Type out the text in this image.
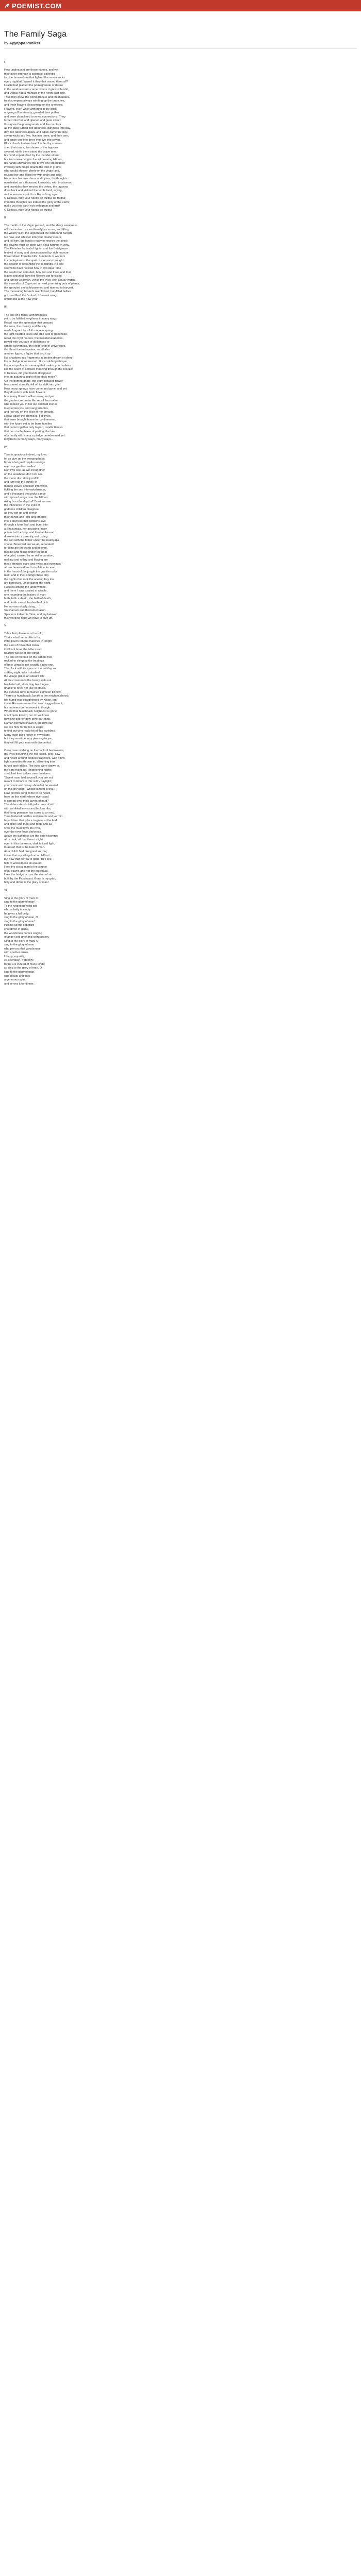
POEMIST.COM
The Family Saga
by Ayyappa Paniker
I
How unpleasant are those names, and yet
their bitter strength is splendid, splendid
too the human love that lighted the seven wicks
every nightfall. Wasn't it they that reared them all?
Leachi had planted the pomegranate of desire
in the south-eastern corner where it grew splendid,
and Uppali had a mantara in the north-east side.
Thus they grew, the pomegranate and the mantara,
fresh creepers always winding up the branches,
and fresh flowers blossoming on the creepers.
Flowers, even while withering in the dusk
or going off to eternity, guarded their pollen,
and were disinclined to sever connections. They
turned into fruit and ripened and grew sweet:
thus grew the pomegranate and the mantara
as the dusk turned into darkness, darkness into day,
day into darkness again, and again came the day:
seven wicks into five, five into three, and then one,
and again one into three into five into seven.
Black clouds fostered and fondled by summer
shed their tears, the shores of the lagoons
swayed, while there stood the brave one,
his mind unperturbed by the thunder-storm,
his feet unswerving in the wild roaring billows,
his hands unwearied; the brave one stood there
invoking with magic chants the lord of grains,
who would shower plenty on the virgin land,
rousing her and filling her with grain and gold.
His orders became dams and dykes, his thoughts
manifested as a thousand furrowlets, with brushwood
and brambles they erected the dykes, the lagoons
drew back and yielded the fertile land, saying,
as the sea once said to a Rama long ago:
O Kesava, may your hands be fruitful, be fruitful;
immortal thoughts are indeed the glory of the earth;
make you this earth rich with grain and fruit!
O Kesava, may your hands be fruitful!
II
The month of the Virgin passed, and the dewy sweetness
of Libra arrived, as earthen dykes arose, and lifting
the watery skirt, the lagoon told the farmhand Kunjan:
Go now, and whisper into your master's ears,
and tell him, the land is ready to receive the seed;
the sowing must be done with a full harvest in view.
The Pleiades festival of lights, and the Betelgeuse
festival of song and dance passed by; rich manure
flowed down from the hills; hundreds of workers
in country-boats; the spell of monsoon brought
the season of replanting the seedlings. No one
seems to have noticed how in two days' time
the seeds had sprouted, how two and three and four
leaves unfurled, how the flowers got fertilised
and turned yellowish. While the eyes kept a busy watch,
the emeralds of Capricorn arrived, promising pots of plenty;
the sprouted seeds blossomed and ripened to harvest.
The measuring baskets overflowed; half-filled bellies
got overfilled: the festival of harvest sang
of fullness at the new year!
III
The tale of a family with promises
yet to be fulfilled lengthens in many ways,
Recall now the splendour that crossed
the seas, the country and the city
made fragrant by a full moon in spring,
the light-hearted jokes and little acts of goodness;
recall the royal houses, the ministerial abodes,
paved with courage of diplomacy or
simple cleverness, the leadership of universities,
the life at the embassies; recall also
another figure, a figure that is cut up
like shadows into fragments in broken dream or sleep,
like a pledge unredeemed, like a sobbing whisper,
like a wisp of moist memory that makes you restless,
like the scent of a flower moaning through the breeze:
O Kesava, did your hands disappear
into an autumnal night of the dark moon?
On the pomegranate, the eight-petalled flower
blossomed abruptly, fell off its stalk into grief.
How many springs have come and gone, and yet
they do return with fresh flowers:
how many flowers wither away, and yet
the gardens return to life; recall the mother
who rocked you in her lap and told stories
to entertain you and sang lullabies,
and fed you on the elixir of her breasts.
Recall again the promises, old times
that were brought home for confinement,
with the future yet to be born, families
that came together only to part, candle flames
that burn in the blaze of parting; the tale
of a family with many a pledge unredeemed yet
lengthens in many ways, many ways....
IV
Time is spacious indeed, my love,
let us give up the weeping habit.
From what great depths emerge
even our gentlest smiles!
Don't we see, as we sit together
on the seashore, don't we see
the moon disc slowly unfold
and turn into the purple of
mango leaves and then into white,
tickling the sea into wakefulness,
and a thousand peacocks dance
with spread wings over the billows
rising from the depths? Don't we see
the innocence in the eyes of
goddess children disappear
as they get up and stretch
their hands and legs and emerge
into a shyness that petitions love
through a lotus leaf, and burst into
a Shakuntala, her accusing finger
pointed at the king, and then at the end
dissolve into a serenity, entrusting
the son with the father under the Kashyapa
shade. Bereaved are we all, separated
for long are the earth and heaven,
melting and rolling under the heat
of a grief, caused by an old separation;
melting and rolling and flowing are
these stringed stars and rivers and evenings -
all are bereaved and in isolation for ever,
in the heart of the jungle the granite rocks
melt, and in their springs there drip
the nights that rock the ocean; they too
are bereaved. Once during the night
I walked among the underworlds,
and there I saw, seated at a table,
one recording the history of man:
birth, birth = death, the birth of death,
and death meant the death of birth.
He too was slowly dying...
So shall we end this lamentation.
Spacious indeed is Time, and my beloved,
this weeping habit we have to give up.
V
Tales that please must be told;
That's what human life is for,
if the poet's tongue matches in length
the ears of those that listen,
it will not bore; the tellers and
hearers will be of one string.
The tale of the bud on the temple tree,
rocked to sleep by the beatings
of bats' wings is not exactly a new one.
The clock with its eyes on the midday sun
striking eight, which startled
the village girl, is an absurd tale.
At the crossroads the hussy spits out
her betel roll, stretching her tongue;
unable to retell her tale of abuse,
the puranas have remained eighteen till now.
There's a hunchback Janaki in the neighbourhood;
her hump was straightened by Kittan, but
it was Raman's name that was dragged into it;
his manners do not reveal it, though.
Where that hunchback neighbour is gone
is not quite known, nor do we know
how she got her bow-style ear-rings.
Raman perhaps knows it, but how can
we ask him, for he too is eager
to find out who really bit off his earlobes.
Many such tales fester in my village,
but they won't be very pleasing to you;
they will fill your ears with discomfort.
Once I was walking on the bank of backwaters,
my eyes ploughing the rice-fields, and I saw
and heard around endless tragedies, with a few
light comedies thrown in, all turning into
farces and riddles. The eyes were drawn in,
the ears rolled up, lengthening nights
stretched themselves over the rivers.
"Sweet rose, fold yourself, you are not
meant to bloom in this sultry daylight;
your scent and honey shouldn't be wasted
on this dry sand"; whose lament is that?
How did this song come to be heard
here on this earth where river sand
is spread over thick layers of mud?
The elders stand - tall palm trees of old
with wrinkled leaves and broken ribs;
their long penance has come to an end.
Time-fostered beetles and insects and vermin
have taken their place to gnaw at the leaf
and spine and trunk and roots and all.
Over the mud flows the river,
over the river flows darkness,
above the darkness are the blue heavens;
all is dark, all: but there is light
even in this darkness; dark is itself light;
to assert that is the task of man.
As a child I had one great sorrow;
it was that my village had no hill in it;
but now that sorrow is gone, for I see
hills of wickedness all around.
I see the social man is the source
of all power, and not the individual,
I see the bridge across the river of sin
built by the Panchayat. Gone is my grief;
holy and divine is the glory of man!
VI
Sing to the glory of man, O
sing to the glory of man!
To the neighbourhood girl
whose belly is empty
he gives a full belly;
sing to the glory of man, O
sing to the glory of man!
Picking up the songbird
shot down in game,
the woodsman comes singing
of anger and grief and compassion.
Sing to the glory of man, O
sing to the glory of man
who pierces that woodsman
with another arrow.
Liberty, equality,
co-operation, fraternity:
truths are indeed of many kinds;
so sing to the glory of man, O
sing to the glory of man,
who roasts and fries
a generous spirit
and serves it for dinner.
